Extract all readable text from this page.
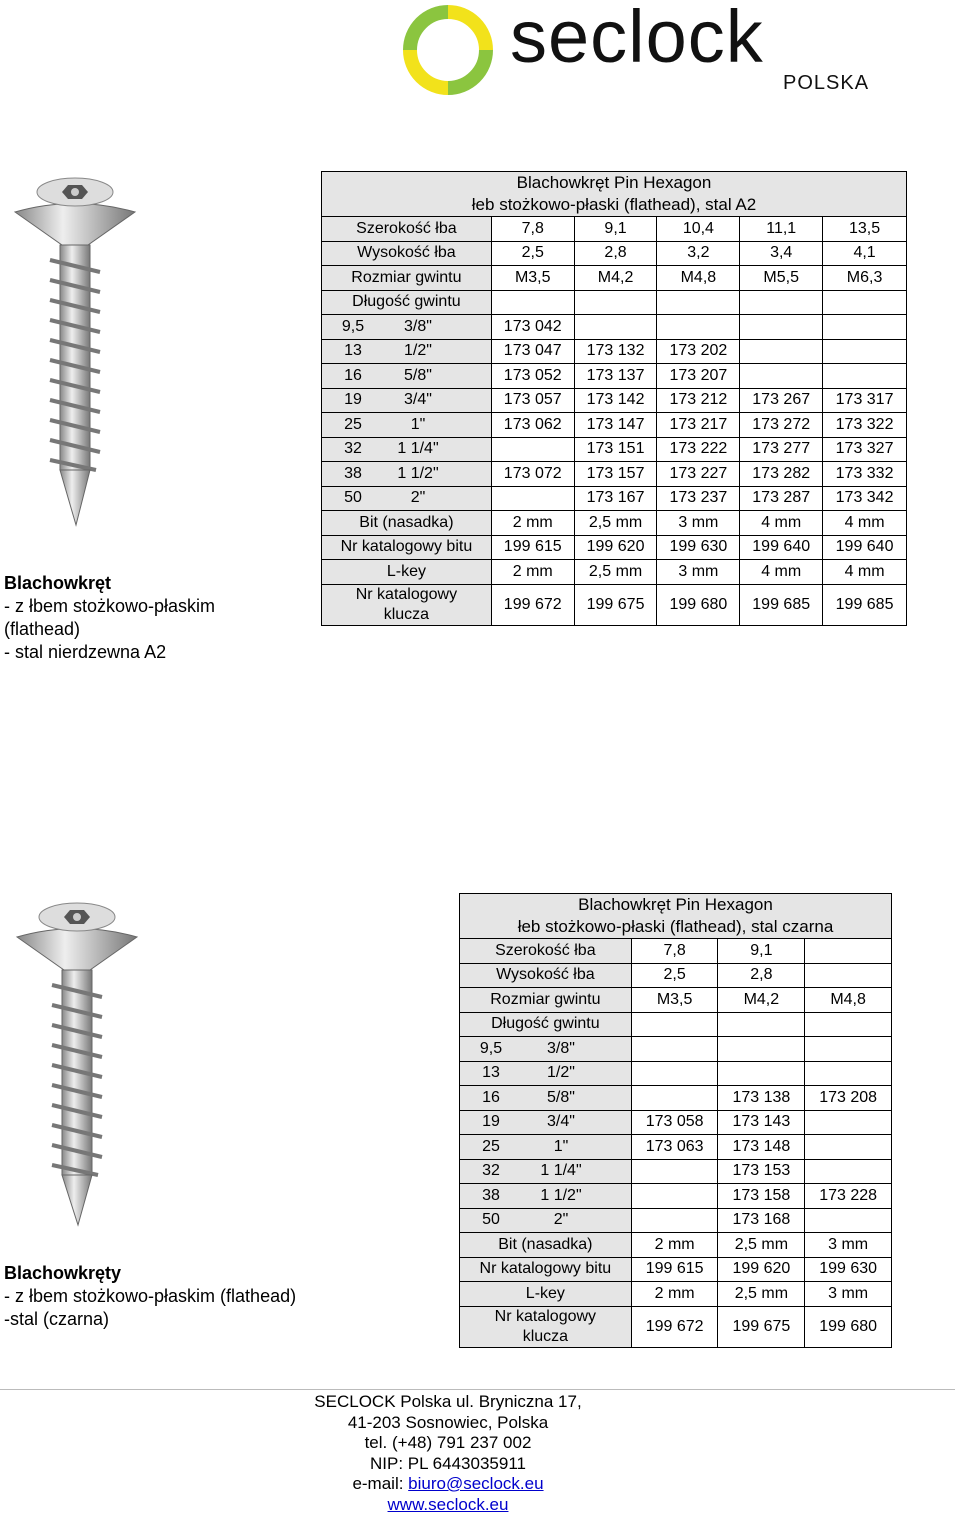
seclock
POLSKA
Blachowkręt
- z łbem stożkowo-płaskim
(flathead)
- stal nierdzewna A2
Blachowkręt Pin Hexagon
łeb stożkowo-płaski (flathead), stal A2					

Szerokość łba	7,8	9,1	10,4	11,1	13,5
Wysokość łba	2,5	2,8	3,2	3,4	4,1
Rozmiar gwintu	M3,5	M4,2	M4,8	M5,5	M6,3
Długość gwintu					
9,5 3/8"	173 042				
13 1/2"	173 047	173 132	173 202		
16 5/8"	173 052	173 137	173 207		
19 3/4"	173 057	173 142	173 212	173 267	173 317
25 1"	173 062	173 147	173 217	173 272	173 322
32 1 1/4"		173 151	173 222	173 277	173 327
38 1 1/2"	173 072	173 157	173 227	173 282	173 332
50 2"		173 167	173 237	173 287	173 342
Bit (nasadka)	2 mm	2,5 mm	3 mm	4 mm	4 mm
Nr katalogowy bitu	199 615	199 620	199 630	199 640	199 640
L-key	2 mm	2,5 mm	3 mm	4 mm	4 mm
Nr katalogowy klucza	199 672	199 675	199 680	199 685	199 685
Blachowkręty
- z łbem stożkowo-płaskim (flathead)
-stal (czarna)
Blachowkręt Pin Hexagon
łeb stożkowo-płaski (flathead), stal czarna			

Szerokość łba	7,8	9,1	
Wysokość łba	2,5	2,8	
Rozmiar gwintu	M3,5	M4,2	M4,8
Długość gwintu			
9,5 3/8"			
13 1/2"			
16 5/8"		173 138	173 208
19 3/4"	173 058	173 143	
25 1"	173 063	173 148	
32 1 1/4"		173 153	
38 1 1/2"		173 158	173 228
50 2"		173 168	
Bit (nasadka)	2 mm	2,5 mm	3 mm
Nr katalogowy bitu	199 615	199 620	199 630
L-key	2 mm	2,5 mm	3 mm
Nr katalogowy klucza	199 672	199 675	199 680
SECLOCK Polska ul. Bryniczna 17,
41-203 Sosnowiec, Polska
tel. (+48) 791 237 002
NIP: PL 6443035911
e-mail: biuro@seclock.eu
www.seclock.eu
